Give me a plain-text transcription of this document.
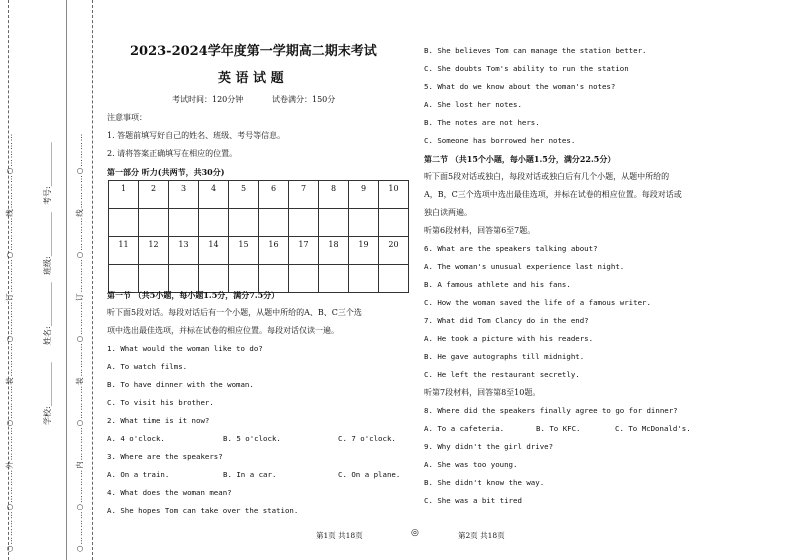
○…………○…………外…………○…………装…………○…………订…………○…………线…………○…………	学校:___________
姓名:___________
班级:___________
考号:___________	○…………○…………内…………○…………装…………○…………订…………○…………线…………○…………
2023-2024学年度第一学期高二期末考试
英 语 试 题
考试时间：120分钟	试卷满分：150分
注意事项：
1. 答题前填写好自己的姓名、班级、考号等信息。
2. 请将答案正确填写在相应的位置。
第一部分 听力(共两节，共30分)
1	2	3	4	5	6	7	8	9	10

11	12	13	14	15	16	17	18	19	20

第一节 （共5小题，每小题1.5分，满分7.5分）
听下面5段对话。每段对话后有一个小题，从题中所给的A、B、C三个选
项中选出最佳选项，并标在试卷的相应位置。每段对话仅读一遍。
1. What would the woman like to do?
A. To watch films.
B. To have dinner with the woman.
C. To visit his brother.
2. What time is it now?
A. 4 o'clock.	B. 5 o'clock.	C. 7 o'clock.
3. Where are the speakers?
A. On a train.	B. In a car.	C. On a plane.
4. What does the woman mean?
A. She hopes Tom can take over the station.
第1页 共18页	◎
B. She believes Tom can manage the station better.
C. She doubts Tom's ability to run the station
5. What do we know about the woman's notes?
A. She lost her notes.
B. The notes are not hers.
C. Someone has borrowed her notes.
第二节 （共15个小题，每小题1.5分，满分22.5分）
听下面5段对话或独白，每段对话或独白后有几个小题，从题中所给的
A，B，C三个选项中选出最佳选项，并标在试卷的相应位置。每段对话或
独白读两遍。
听第6段材料，回答第6至7题。
6. What are the speakers talking about?
A. The woman's unusual experience last night.
B. A famous athlete and his fans.
C. How the woman saved the life of a famous writer.
7. What did Tom Clancy do in the end?
A. He took a picture with his readers.
B. He gave autographs till midnight.
C. He left the restaurant secretly.
听第7段材料，回答第8至10题。
8. Where did the speakers finally agree to go for dinner?
A. To a cafeteria.	B. To KFC.	C. To McDonald's.
9. Why didn't the girl drive?
A. She was too young.
B. She didn't know the way.
C. She was a bit tired
第2页 共18页
